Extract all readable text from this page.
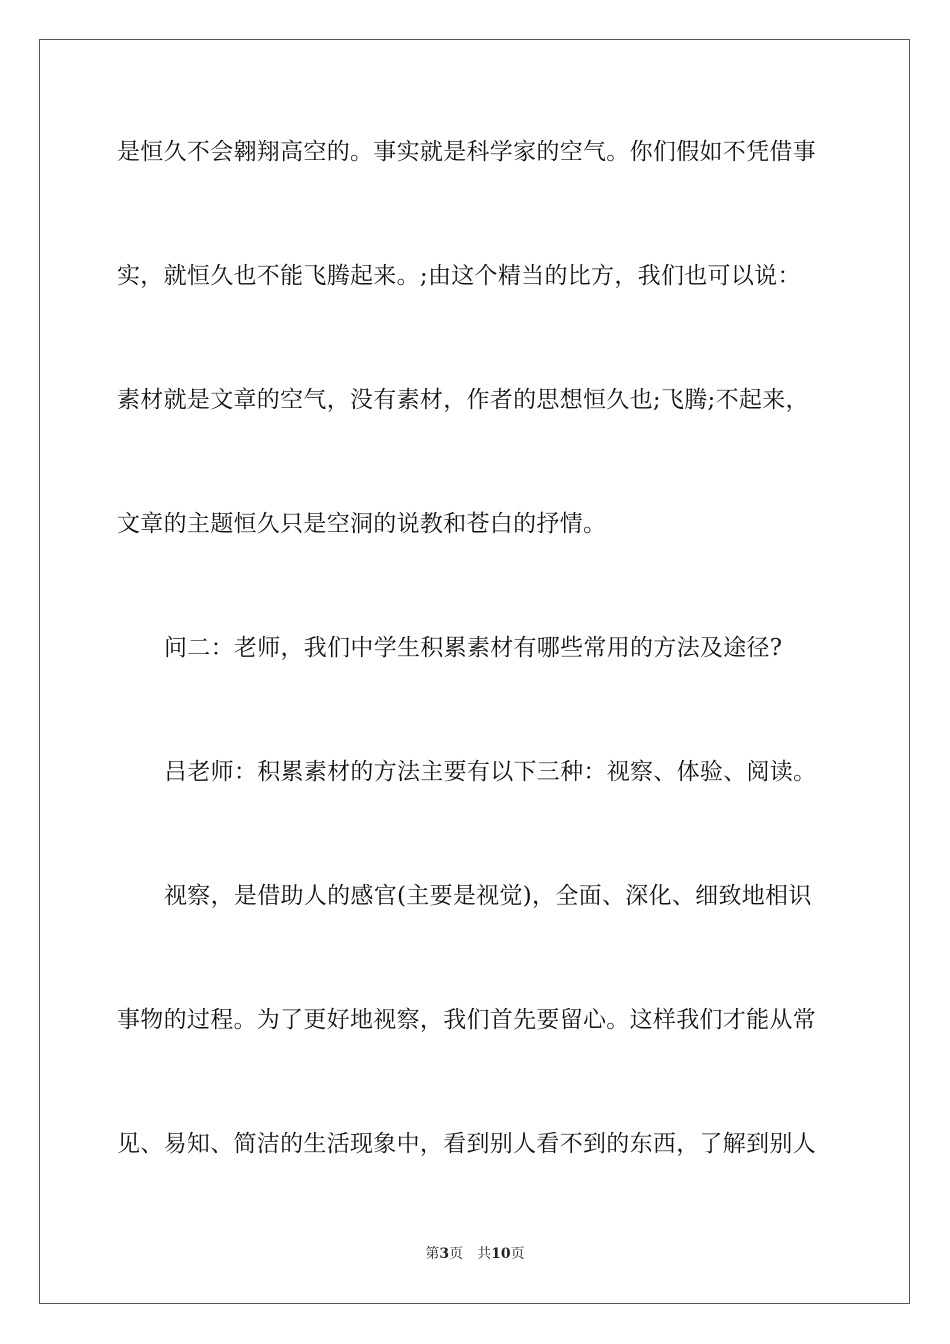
是恒久不会翱翔高空的。事实就是科学家的空气。你们假如不凭借事
实，就恒久也不能飞腾起来。;由这个精当的比方，我们也可以说：
素材就是文章的空气，没有素材，作者的思想恒久也;飞腾;不起来，
文章的主题恒久只是空洞的说教和苍白的抒情。
问二：老师，我们中学生积累素材有哪些常用的方法及途径?
吕老师：积累素材的方法主要有以下三种：视察、体验、阅读。
视察，是借助人的感官(主要是视觉)，全面、深化、细致地相识
事物的过程。为了更好地视察，我们首先要留心。这样我们才能从常
见、易知、简洁的生活现象中，看到别人看不到的东西，了解到别人
第3页 共10页
